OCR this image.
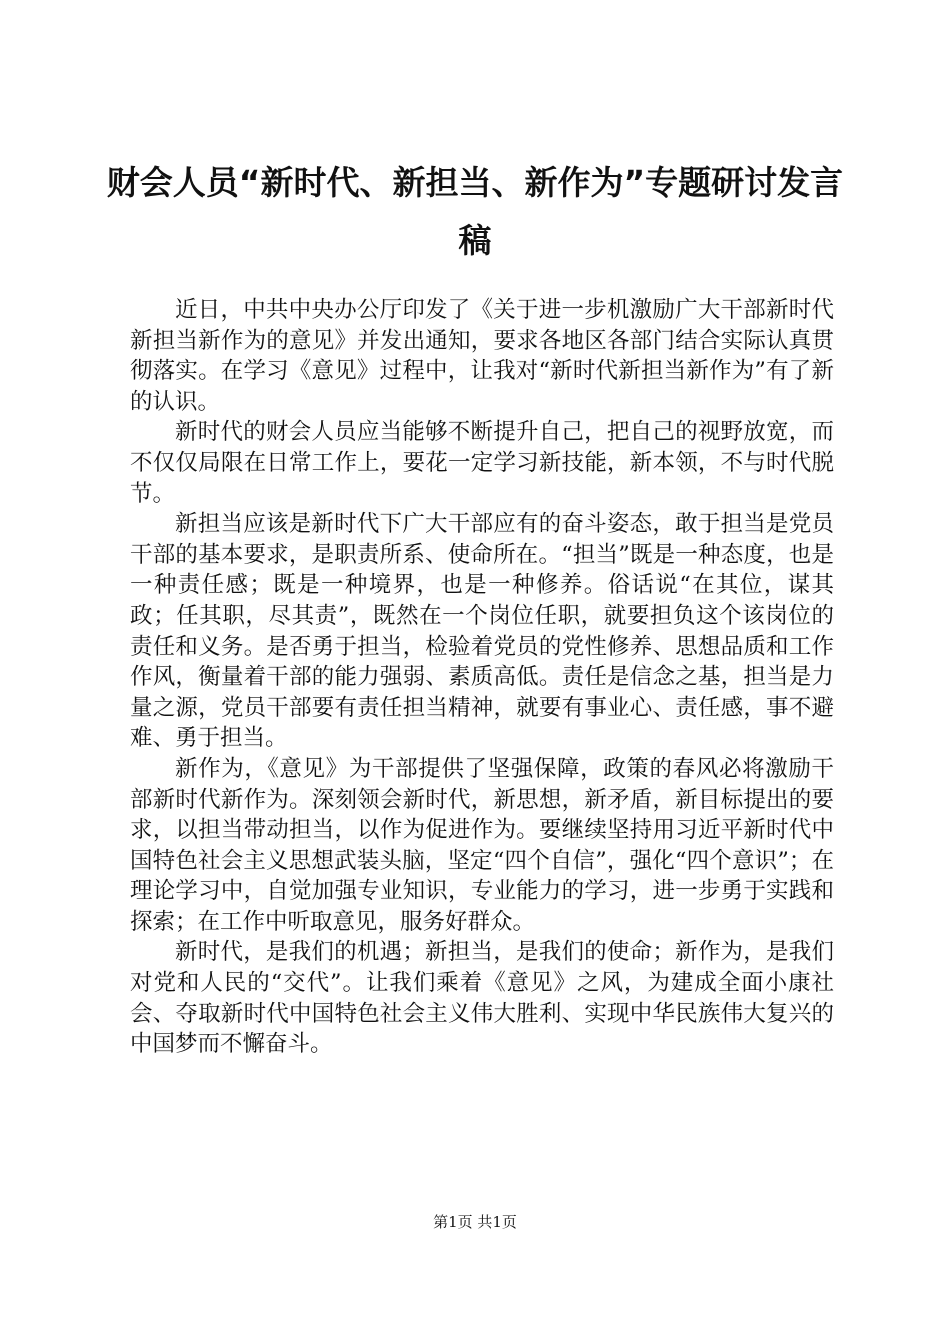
财会人员“新时代、新担当、新作为”专题研讨发言稿

近日，中共中央办公厅印发了《关于进一步机激励广大干部新时代新担当新作为的意见》并发出通知，要求各地区各部门结合实际认真贯彻落实。在学习《意见》过程中，让我对“新时代新担当新作为”有了新的认识。

新时代的财会人员应当能够不断提升自己，把自己的视野放宽，而不仅仅局限在日常工作上，要花一定学习新技能，新本领，不与时代脱节。

新担当应该是新时代下广大干部应有的奋斗姿态，敢于担当是党员干部的基本要求，是职责所系、使命所在。“担当”既是一种态度，也是一种责任感；既是一种境界，也是一种修养。俗话说“在其位，谋其政；任其职，尽其责”，既然在一个岗位任职，就要担负这个该岗位的责任和义务。是否勇于担当，检验着党员的党性修养、思想品质和工作作风，衡量着干部的能力强弱、素质高低。责任是信念之基，担当是力量之源，党员干部要有责任担当精神，就要有事业心、责任感，事不避难、勇于担当。

新作为，《意见》为干部提供了坚强保障，政策的春风必将激励干部新时代新作为。深刻领会新时代，新思想，新矛盾，新目标提出的要求，以担当带动担当，以作为促进作为。要继续坚持用习近平新时代中国特色社会主义思想武装头脑，坚定“四个自信”，强化“四个意识”；在理论学习中，自觉加强专业知识，专业能力的学习，进一步勇于实践和探索；在工作中听取意见，服务好群众。

新时代，是我们的机遇；新担当，是我们的使命；新作为，是我们对党和人民的“交代”。让我们乘着《意见》之风，为建成全面小康社会、夺取新时代中国特色社会主义伟大胜利、实现中华民族伟大复兴的中国梦而不懈奋斗。

第1页 共1页
